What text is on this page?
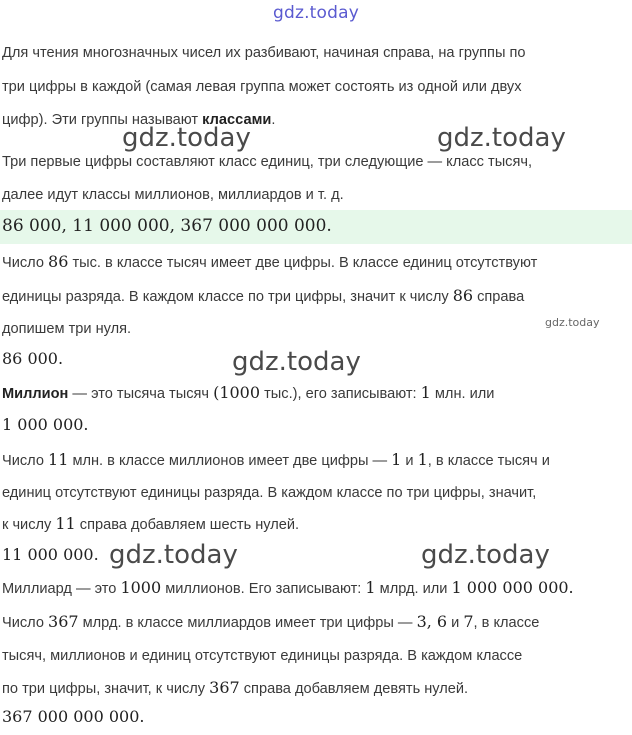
gdz.today
Для чтения многозначных чисел их разбивают, начиная справа, на группы по
три цифры в каждой (самая левая группа может состоять из одной или двух
цифр). Эти группы называют классами.
Три первые цифры составляют класс единиц, три следующие — класс тысяч,
далее идут классы миллионов, миллиардов и т. д.
86 000, 11 000 000, 367 000 000 000.
Число 86 тыс. в классе тысяч имеет две цифры. В классе единиц отсутствуют
единицы разряда. В каждом классе по три цифры, значит к числу 86 справа
допишем три нуля.
86 000.
Миллион — это тысяча тысяч (1000 тыс.), его записывают: 1 млн. или
1 000 000.
Число 11 млн. в классе миллионов имеет две цифры — 1 и 1, в классе тысяч и
единиц отсутствуют единицы разряда. В каждом классе по три цифры, значит,
к числу 11 справа добавляем шесть нулей.
11 000 000.
Миллиард — это 1000 миллионов. Его записывают: 1 млрд. или 1 000 000 000.
Число 367 млрд. в классе миллиардов имеет три цифры — 3, 6 и 7, в классе
тысяч, миллионов и единиц отсутствуют единицы разряда. В каждом классе
по три цифры, значит, к числу 367 справа добавляем девять нулей.
367 000 000 000.
gdz.today	gdz.today
gdz.today
gdz.today
gdz.today	gdz.today
